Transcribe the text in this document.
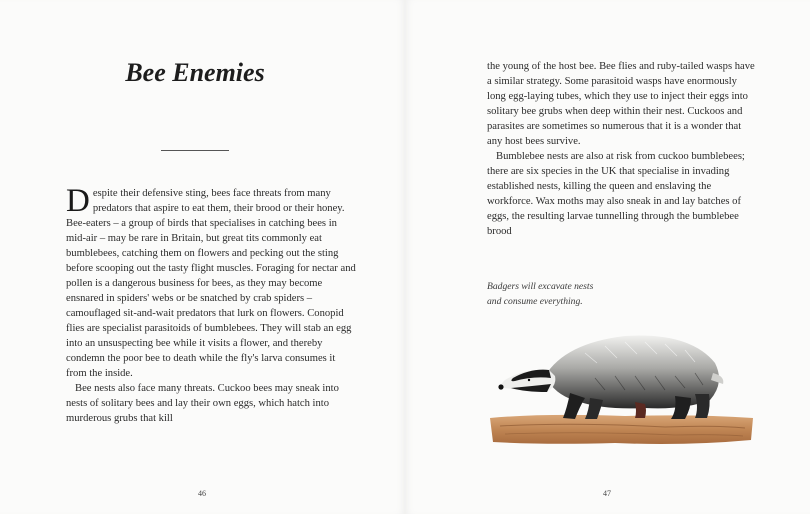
Bee Enemies

Despite their defensive sting, bees face threats from many predators that aspire to eat them, their brood or their honey. Bee-eaters – a group of birds that specialises in catching bees in mid-air – may be rare in Britain, but great tits commonly eat bumblebees, catching them on flowers and pecking out the sting before scooping out the tasty flight muscles. Foraging for nectar and pollen is a dangerous business for bees, as they may become ensnared in spiders' webs or be snatched by crab spiders – camouflaged sit-and-wait predators that lurk on flowers. Conopid flies are specialist parasitoids of bumblebees. They will stab an egg into an unsuspecting bee while it visits a flower, and thereby condemn the poor bee to death while the fly's larva consumes it from the inside.

Bee nests also face many threats. Cuckoo bees may sneak into nests of solitary bees and lay their own eggs, which hatch into murderous grubs that kill

46

the young of the host bee. Bee flies and ruby-tailed wasps have a similar strategy. Some parasitoid wasps have enormously long egg-laying tubes, which they use to inject their eggs into solitary bee grubs when deep within their nest. Cuckoos and parasites are sometimes so numerous that it is a wonder that any host bees survive.

Bumblebee nests are also at risk from cuckoo bumblebees; there are six species in the UK that specialise in invading established nests, killing the queen and enslaving the workforce. Wax moths may also sneak in and lay batches of eggs, the resulting larvae tunnelling through the bumblebee brood

Badgers will excavate nests

and consume everything.

47
